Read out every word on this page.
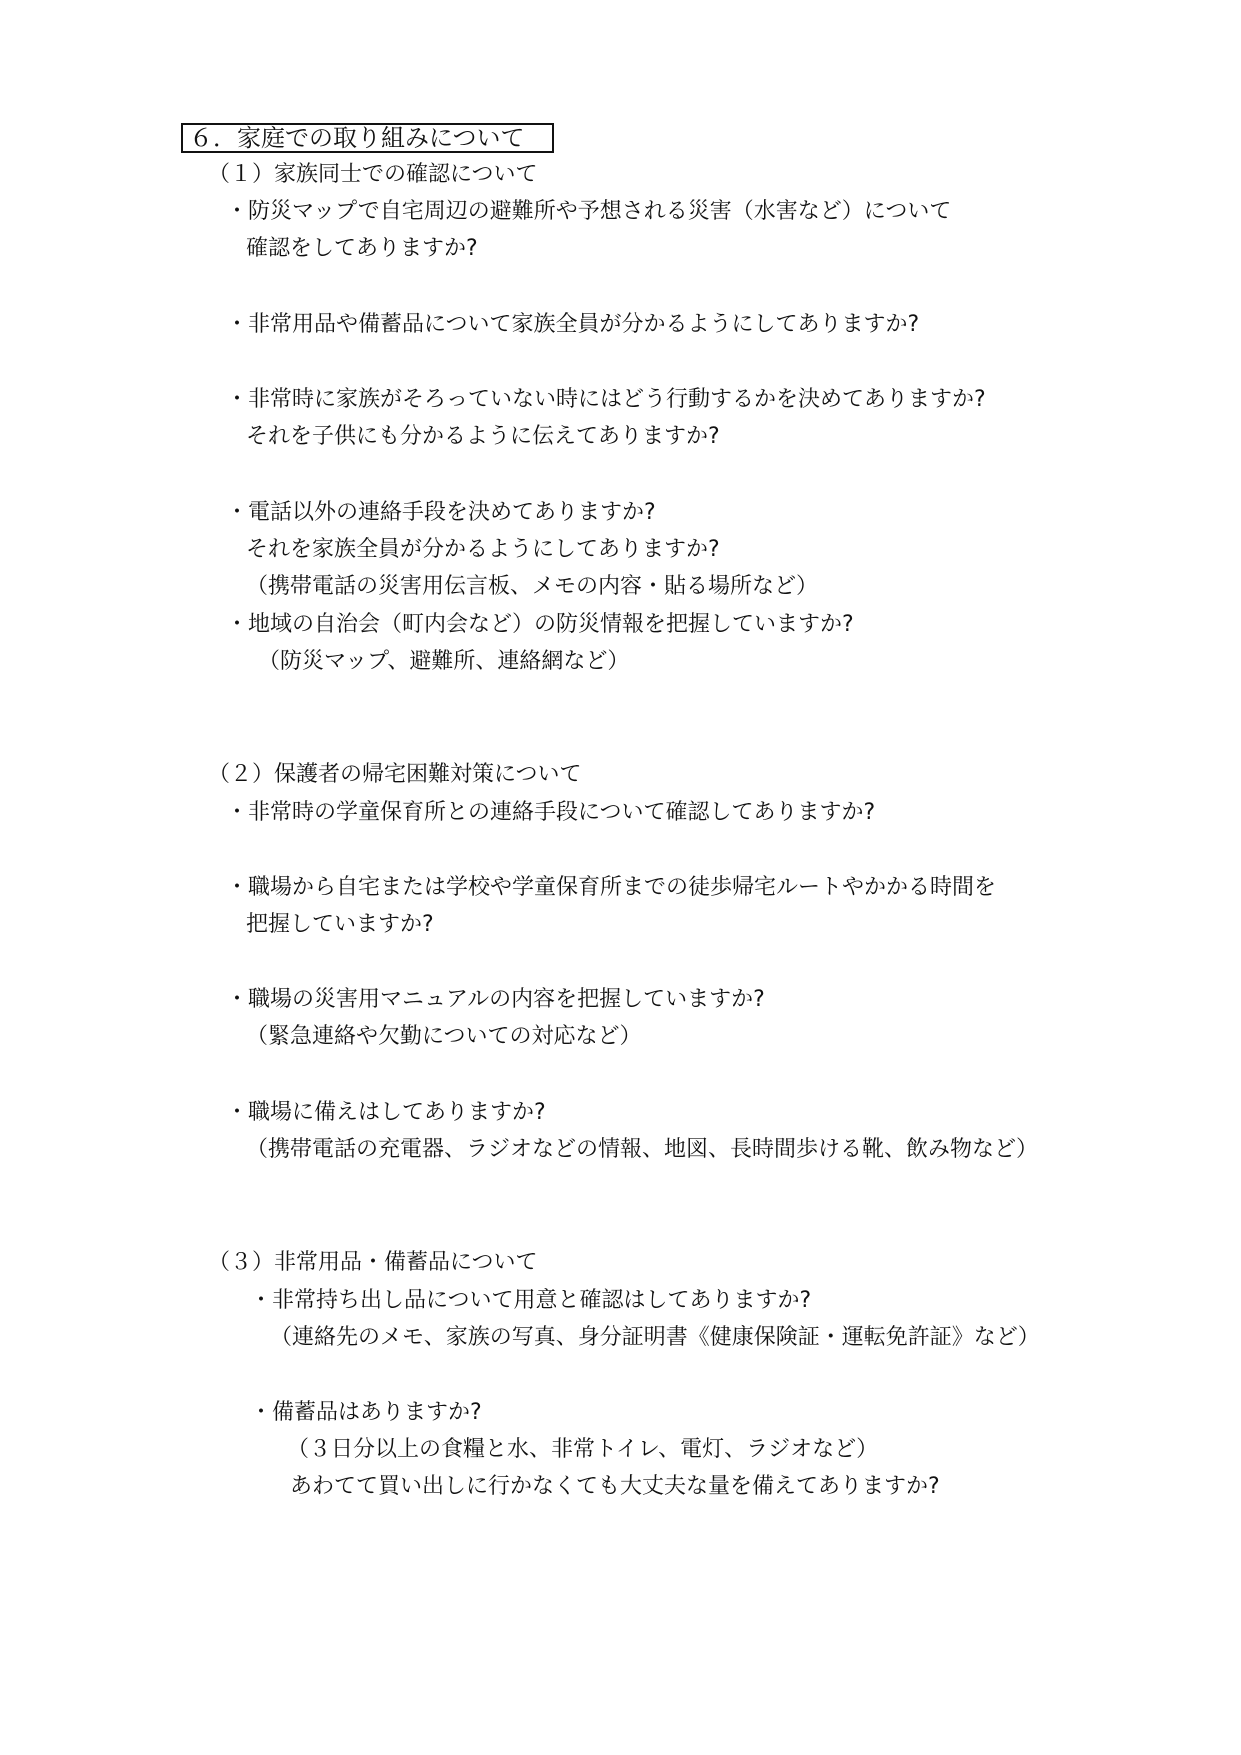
６．家庭での取り組みについて
（１）家族同士での確認について
・防災マップで自宅周辺の避難所や予想される災害（水害など）について
確認をしてありますか?
・非常用品や備蓄品について家族全員が分かるようにしてありますか?
・非常時に家族がそろっていない時にはどう行動するかを決めてありますか?
それを子供にも分かるように伝えてありますか?
・電話以外の連絡手段を決めてありますか?
それを家族全員が分かるようにしてありますか?
（携帯電話の災害用伝言板、メモの内容・貼る場所など）
・地域の自治会（町内会など）の防災情報を把握していますか?
（防災マップ、避難所、連絡網など）
（２）保護者の帰宅困難対策について
・非常時の学童保育所との連絡手段について確認してありますか?
・職場から自宅または学校や学童保育所までの徒歩帰宅ルートやかかる時間を
把握していますか?
・職場の災害用マニュアルの内容を把握していますか?
（緊急連絡や欠勤についての対応など）
・職場に備えはしてありますか?
（携帯電話の充電器、ラジオなどの情報、地図、長時間歩ける靴、飲み物など）
（３）非常用品・備蓄品について
・非常持ち出し品について用意と確認はしてありますか?
（連絡先のメモ、家族の写真、身分証明書《健康保険証・運転免許証》など）
・備蓄品はありますか?
（３日分以上の食糧と水、非常トイレ、電灯、ラジオなど）
あわてて買い出しに行かなくても大丈夫な量を備えてありますか?
